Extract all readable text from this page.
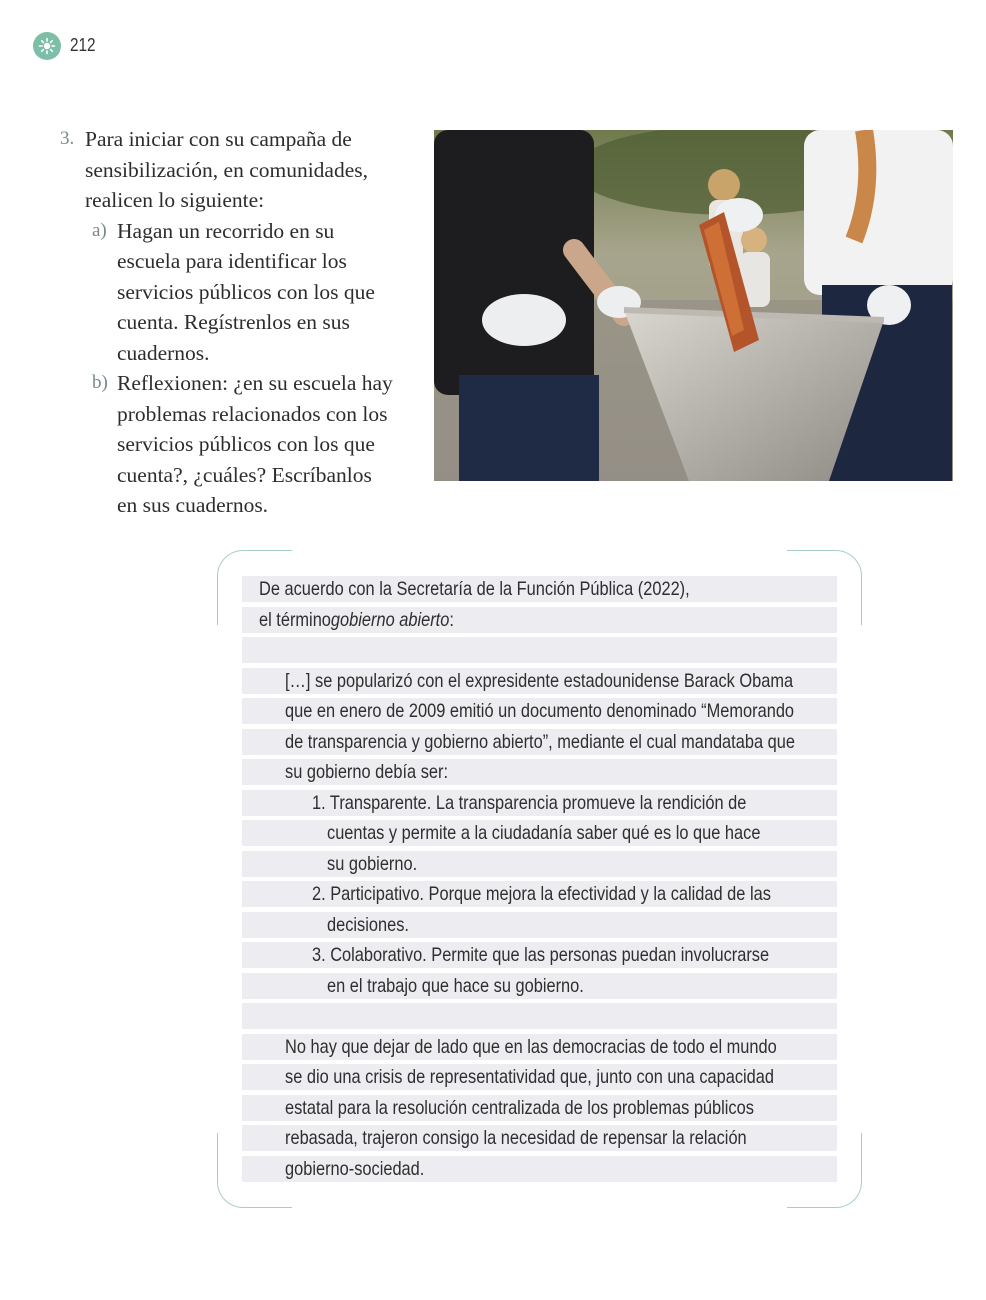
212
3. Para iniciar con su campaña de
sensibilización, en comunidades,
realicen lo siguiente:
a) Hagan un recorrido en su
escuela para identificar los
servicios públicos con los que
cuenta. Regístrenlos en sus
cuadernos.
b) Reflexionen: ¿en su escuela hay
problemas relacionados con los
servicios públicos con los que
cuenta?, ¿cuáles? Escríbanlos
en sus cuadernos.
De acuerdo con la Secretaría de la Función Pública (2022),
el términogobierno abierto:
[…] se popularizó con el expresidente estadounidense Barack Obama
que en enero de 2009 emitió un documento denominado “Memorando
de transparencia y gobierno abierto”, mediante el cual mandataba que
su gobierno debía ser:
1. Transparente. La transparencia promueve la rendición de
cuentas y permite a la ciudadanía saber qué es lo que hace
su gobierno.
2. Participativo. Porque mejora la efectividad y la calidad de las
decisiones.
3. Colaborativo. Permite que las personas puedan involucrarse
en el trabajo que hace su gobierno.
No hay que dejar de lado que en las democracias de todo el mundo
se dio una crisis de representatividad que, junto con una capacidad
estatal para la resolución centralizada de los problemas públicos
rebasada, trajeron consigo la necesidad de repensar la relación
gobierno-sociedad.
